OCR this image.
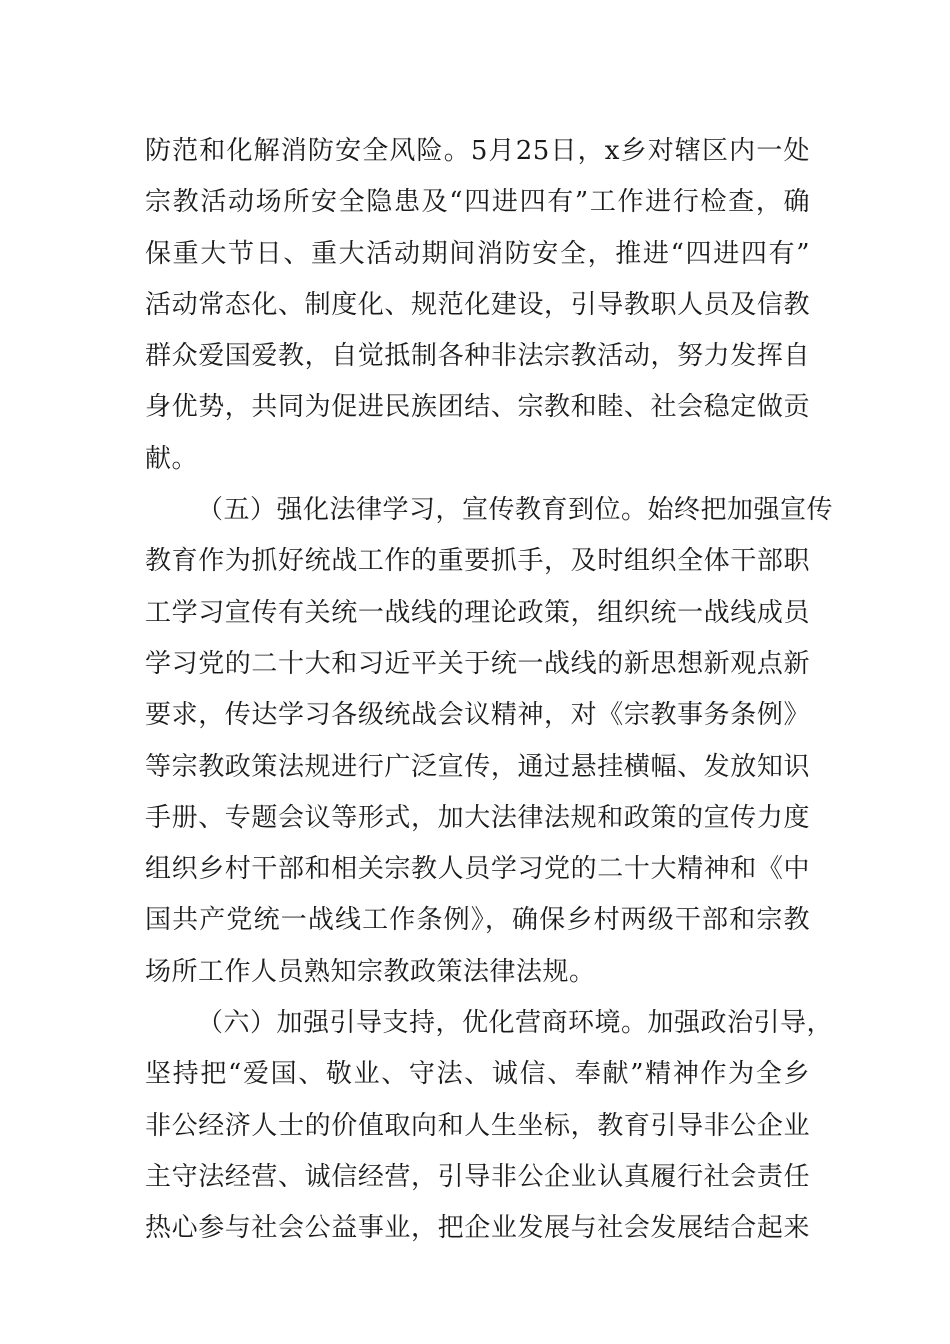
防范和化解消防安全风险。5月25日，x乡对辖区内一处
宗教活动场所安全隐患及“四进四有”工作进行检查，确
保重大节日、重大活动期间消防安全，推进“四进四有”
活动常态化、制度化、规范化建设，引导教职人员及信教
群众爱国爱教，自觉抵制各种非法宗教活动，努力发挥自
身优势，共同为促进民族团结、宗教和睦、社会稳定做贡
献。
（五）强化法律学习，宣传教育到位。始终把加强宣传
教育作为抓好统战工作的重要抓手，及时组织全体干部职
工学习宣传有关统一战线的理论政策，组织统一战线成员
学习党的二十大和习近平关于统一战线的新思想新观点新
要求，传达学习各级统战会议精神，对《宗教事务条例》
等宗教政策法规进行广泛宣传，通过悬挂横幅、发放知识
手册、专题会议等形式，加大法律法规和政策的宣传力度
组织乡村干部和相关宗教人员学习党的二十大精神和《中
国共产党统一战线工作条例》，确保乡村两级干部和宗教
场所工作人员熟知宗教政策法律法规。
（六）加强引导支持，优化营商环境。加强政治引导，
坚持把“爱国、敬业、守法、诚信、奉献”精神作为全乡
非公经济人士的价值取向和人生坐标，教育引导非公企业
主守法经营、诚信经营，引导非公企业认真履行社会责任
热心参与社会公益事业，把企业发展与社会发展结合起来
